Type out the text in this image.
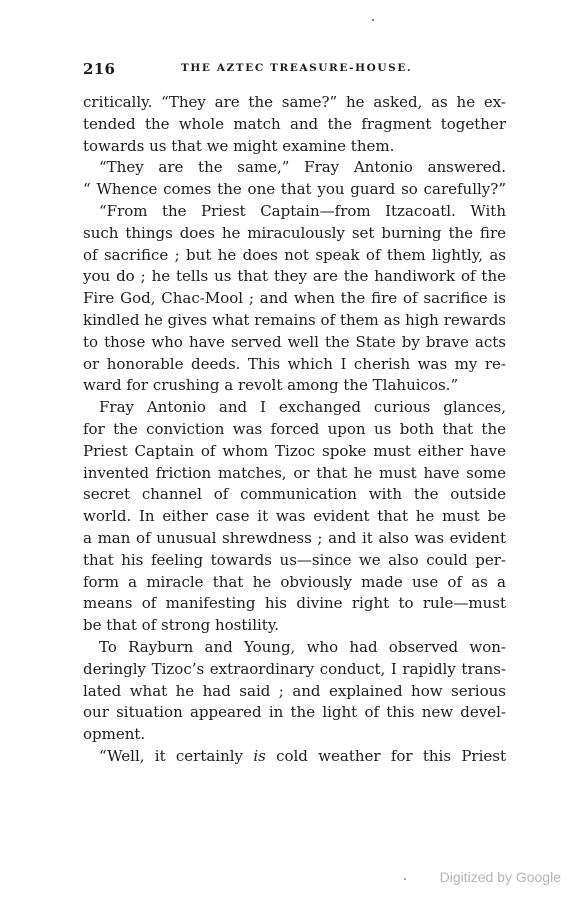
216	THE AZTEC TREASURE-HOUSE.
critically. “They are the same?” he asked, as he ex-
tended the whole match and the fragment together
towards us that we might examine them.
“They are the same,” Fray Antonio answered.
“ Whence comes the one that you guard so carefully?”
“From the Priest Captain—from Itzacoatl. With
such things does he miraculously set burning the fire
of sacrifice ; but he does not speak of them lightly, as
you do ; he tells us that they are the handiwork of the
Fire God, Chac-Mool ; and when the fire of sacrifice is
kindled he gives what remains of them as high rewards
to those who have served well the State by brave acts
or honorable deeds. This which I cherish was my re-
ward for crushing a revolt among the Tlahuicos.”
Fray Antonio and I exchanged curious glances,
for the conviction was forced upon us both that the
Priest Captain of whom Tizoc spoke must either have
invented friction matches, or that he must have some
secret channel of communication with the outside
world. In either case it was evident that he must be
a man of unusual shrewdness ; and it also was evident
that his feeling towards us—since we also could per-
form a miracle that he obviously made use of as a
means of manifesting his divine right to rule—must
be that of strong hostility.
To Rayburn and Young, who had observed won-
deringly Tizoc’s extraordinary conduct, I rapidly trans-
lated what he had said ; and explained how serious
our situation appeared in the light of this new devel-
opment.
“Well, it certainly is cold weather for this Priest
Digitized by Google
